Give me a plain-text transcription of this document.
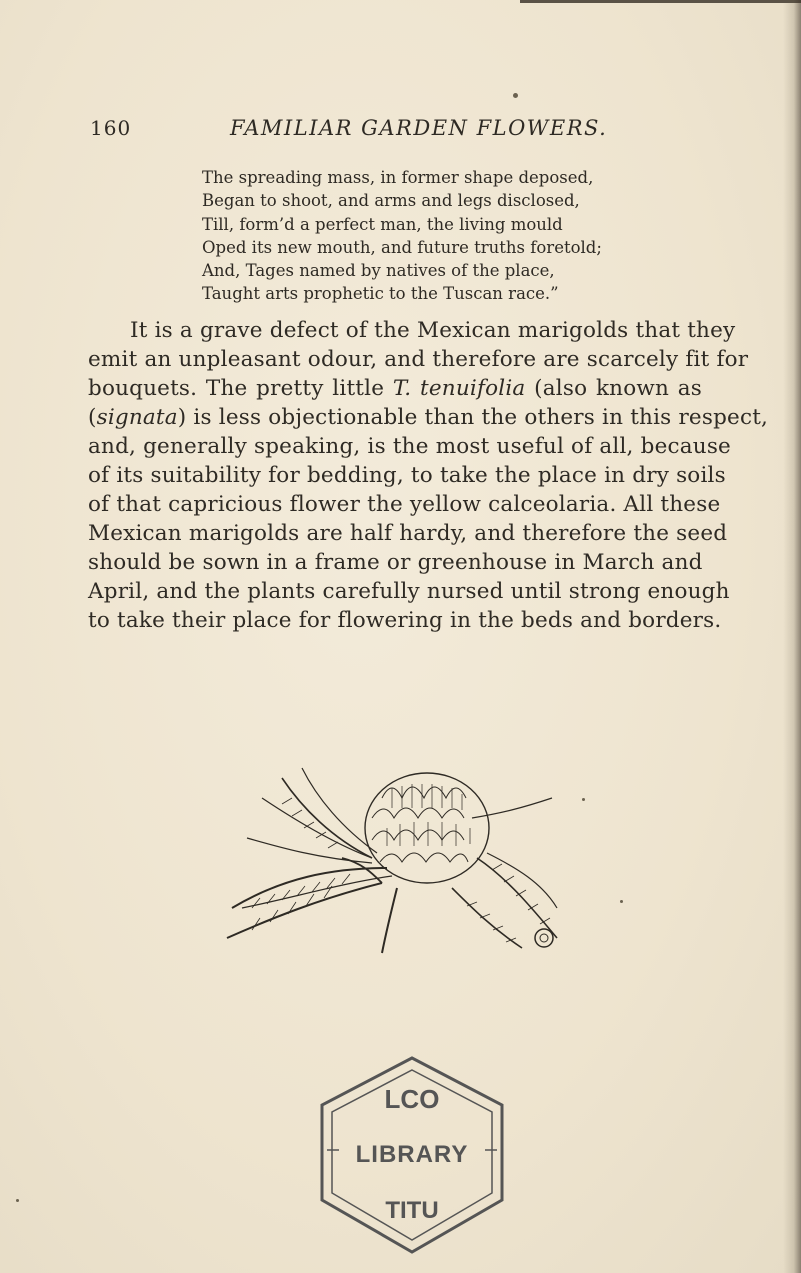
160	FAMILIAR GARDEN FLOWERS.
The spreading mass, in former shape deposed,
Began to shoot, and arms and legs disclosed,
Till, form’d a perfect man, the living mould
Oped its new mouth, and future truths foretold;
And, Tages named by natives of the place,
Taught arts prophetic to the Tuscan race.”
It is a grave defect of the Mexican marigolds that they
emit an unpleasant odour, and therefore are scarcely fit for
bouquets. The pretty little T. tenuifolia (also known as
(signata) is less objectionable than the others in this respect,
and, generally speaking, is the most useful of all, because
of its suitability for bedding, to take the place in dry soils
of that capricious flower the yellow calceolaria. All these
Mexican marigolds are half hardy, and therefore the seed
should be sown in a frame or greenhouse in March and
April, and the plants carefully nursed until strong enough
to take their place for flowering in the beds and borders.
LCO
LIBRARY
TITU
